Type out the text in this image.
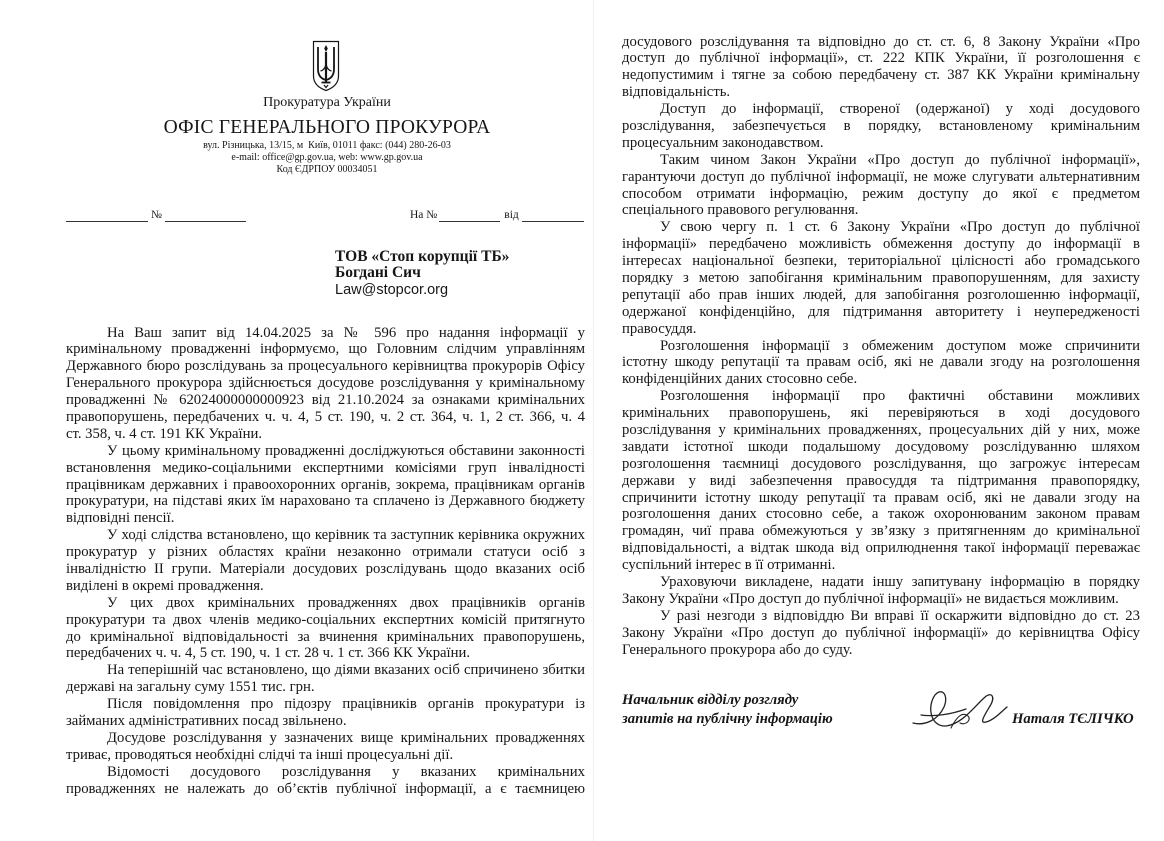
Прокуратура України
ОФІС ГЕНЕРАЛЬНОГО ПРОКУРОРА
вул. Різницька, 13/15, м  Київ, 01011 факс: (044) 280-26-03
e-mail: office@gp.gov.ua, web: www.gp.gov.ua
Код ЄДРПОУ 00034051
№	На №	від
ТОВ «Стоп корупції ТБ»
Богдані Сич
Law@stopcor.org
На Ваш запит від 14.04.2025 за № 596 про надання інформації у
кримінальному провадженні інформуємо, що Головним слідчим управлінням
Державного бюро розслідувань за процесуального керівництва прокурорів Офісу
Генерального прокурора здійснюється досудове розслідування у кримінальному
провадженні № 62024000000000923 від 21.10.2024 за ознаками кримінальних
правопорушень, передбачених ч. ч. 4, 5 ст. 190, ч. 2 ст. 364, ч. 1, 2 ст. 366, ч. 4
ст. 358, ч. 4 ст. 191 КК України.
У цьому кримінальному провадженні досліджуються обставини законності
встановлення медико-соціальними експертними комісіями груп інвалідності
працівникам державних і правоохоронних органів, зокрема, працівникам органів
прокуратури, на підставі яких їм нараховано та сплачено із Державного бюджету
відповідні пенсії.
У ході слідства встановлено, що керівник та заступник керівника окружних
прокуратур у різних областях країни незаконно отримали статуси осіб з
інвалідністю II групи. Матеріали досудових розслідувань щодо вказаних осіб
виділені в окремі провадження.
У цих двох кримінальних провадженнях двох працівників органів
прокуратури та двох членів медико-соціальних експертних комісій притягнуто
до кримінальної відповідальності за вчинення кримінальних правопорушень,
передбачених ч. ч. 4, 5 ст. 190, ч. 1 ст. 28 ч. 1 ст. 366 КК України.
На теперішній час встановлено, що діями вказаних осіб спричинено збитки
державі на загальну суму 1551 тис. грн.
Після повідомлення про підозру працівників органів прокуратури із
займаних адміністративних посад звільнено.
Досудове розслідування у зазначених вище кримінальних провадженнях
триває, проводяться необхідні слідчі та інші процесуальні дії.
Відомості досудового розслідування у вказаних кримінальних
провадженнях не належать до об’єктів публічної інформації, а є таємницею
досудового розслідування та відповідно до ст. ст. 6, 8 Закону України «Про
доступ до публічної інформації», ст. 222 КПК України, її розголошення є
недопустимим і тягне за собою передбачену ст. 387 КК України кримінальну
відповідальність.
Доступ до інформації, створеної (одержаної) у ході досудового
розслідування, забезпечується в порядку, встановленому кримінальним
процесуальним законодавством.
Таким чином Закон України «Про доступ до публічної інформації»,
гарантуючи доступ до публічної інформації, не може слугувати альтернативним
способом отримати інформацію, режим доступу до якої є предметом
спеціального правового регулювання.
У свою чергу п. 1 ст. 6 Закону України «Про доступ до публічної
інформації» передбачено можливість обмеження доступу до інформації в
інтересах національної безпеки, територіальної цілісності або громадського
порядку з метою запобігання кримінальним правопорушенням, для захисту
репутації або прав інших людей, для запобігання розголошенню інформації,
одержаної конфіденційно, для підтримання авторитету і неупередженості
правосуддя.
Розголошення інформації з обмеженим доступом може спричинити
істотну шкоду репутації та правам осіб, які не давали згоду на розголошення
конфіденційних даних стосовно себе.
Розголошення інформації про фактичні обставини можливих
кримінальних правопорушень, які перевіряються в ході досудового
розслідування у кримінальних провадженнях, процесуальних дій у них, може
завдати істотної шкоди подальшому досудовому розслідуванню шляхом
розголошення таємниці досудового розслідування, що загрожує інтересам
держави у виді забезпечення правосуддя та підтримання правопорядку,
спричинити істотну шкоду репутації та правам осіб, які не давали згоду на
розголошення даних стосовно себе, а також охоронюваним законом правам
громадян, чиї права обмежуються у зв’язку з притягненням до кримінальної
відповідальності, а відтак шкода від оприлюднення такої інформації переважає
суспільний інтерес в її отриманні.
Ураховуючи викладене, надати іншу запитувану інформацію в порядку
Закону України «Про доступ до публічної інформації» не видається можливим.
У разі незгоди з відповіддю Ви вправі її оскаржити відповідно до ст. 23
Закону України «Про доступ до публічної інформації» до керівництва Офісу
Генерального прокурора або до суду.
Начальник відділу розгляду
запитів на публічну інформацію	Наталя ТЄЛІЧКО
